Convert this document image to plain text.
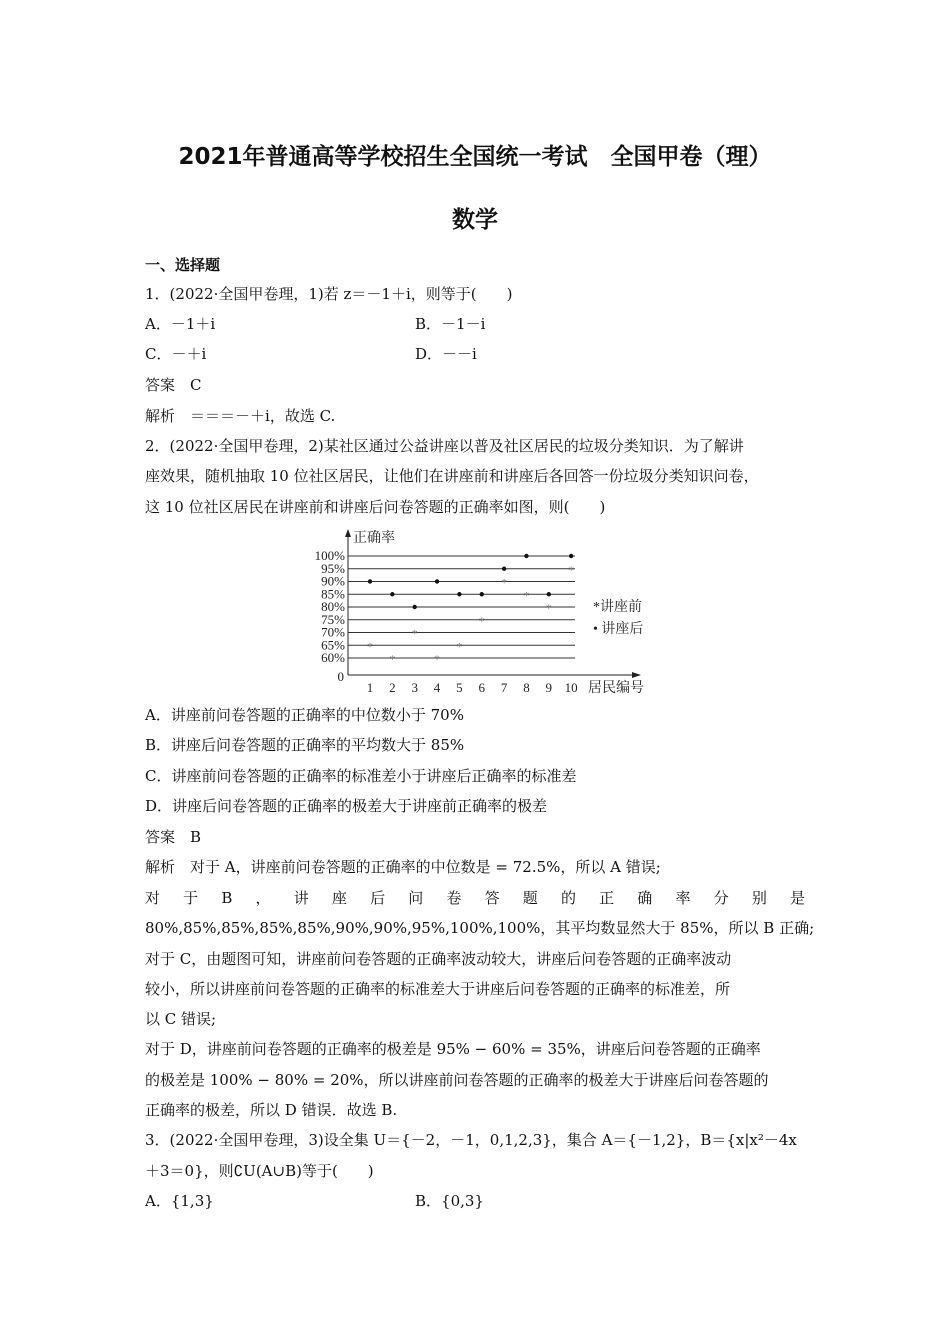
2021年普通高等学校招生全国统一考试　全国甲卷（理）
数学
一、选择题
1．(2022·全国甲卷理，1)若 z＝－1＋i，则等于(　　)
A．－1＋i	B．－1－i
C．－＋i	D．－－i
答案　 C
解析　 ＝＝＝－＋i，故选 C.
2．(2022·全国甲卷理，2)某社区通过公益讲座以普及社区居民的垃圾分类知识．为了解讲
座效果，随机抽取 10 位社区居民，让他们在讲座前和讲座后各回答一份垃圾分类知识问卷，
这 10 位社区居民在讲座前和讲座后问卷答题的正确率如图，则(　　)
正确率
居民编号
0
60%
65%
70%
75%
80%
85%
90%
95%
100%
1 2 3 4 5 6 7 8 9 10
*
*
*
*
*
*
*
*
*
*
*讲座前
• 讲座后
A．讲座前问卷答题的正确率的中位数小于 70%
B．讲座后问卷答题的正确率的平均数大于 85%
C．讲座前问卷答题的正确率的标准差小于讲座后正确率的标准差
D．讲座后问卷答题的正确率的极差大于讲座前正确率的极差
答案　 B
解析　 对于 A，讲座前问卷答题的正确率的中位数是 = 72.5%，所以 A 错误;
对于B，讲座后问卷答题的正确率分别是
80%,85%,85%,85%,85%,90%,90%,95%,100%,100%，其平均数显然大于 85%，所以 B 正确;
对于 C，由题图可知，讲座前问卷答题的正确率波动较大，讲座后问卷答题的正确率波动
较小，所以讲座前问卷答题的正确率的标准差大于讲座后问卷答题的正确率的标准差，所
以 C 错误;
对于 D，讲座前问卷答题的正确率的极差是 95% − 60% = 35%，讲座后问卷答题的正确率
的极差是 100% − 80% = 20%，所以讲座前问卷答题的正确率的极差大于讲座后问卷答题的
正确率的极差，所以 D 错误．故选 B.
3．(2022·全国甲卷理，3)设全集 U＝{－2，－1，0,1,2,3}，集合 A＝{－1,2}，B＝{x|x²－4x
＋3＝0}，则∁U(A∪B)等于(　　)
A．{1,3}	B．{0,3}
